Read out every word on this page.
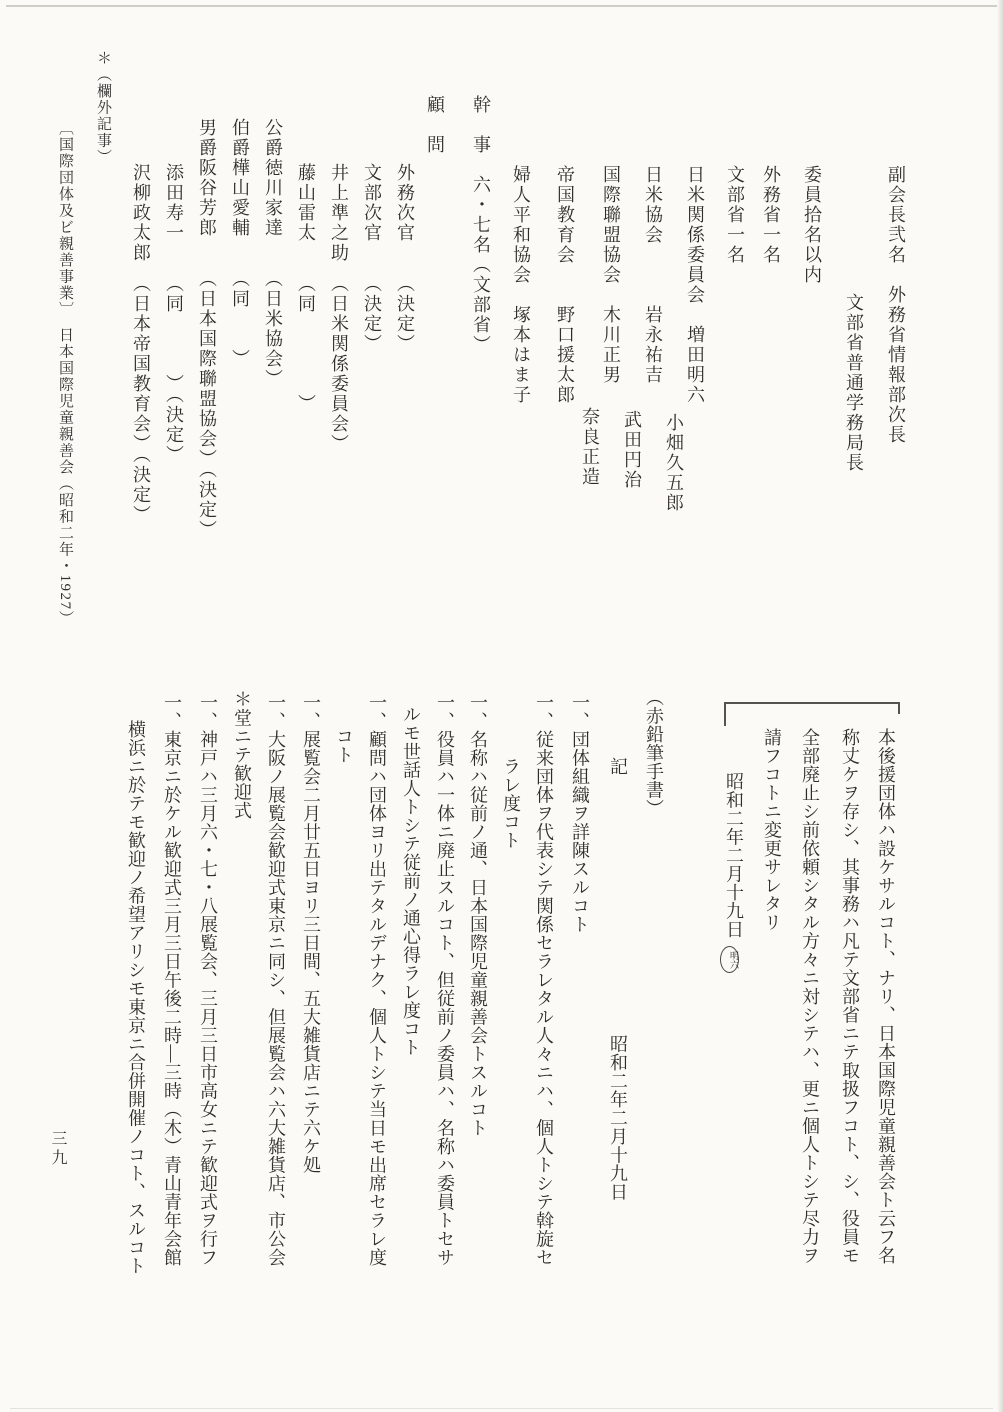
＊（欄外記事）
〔国際団体及ビ親善事業〕　日本国際児童親善会（昭和二年・1927）	副会長弐名　外務省情報部次長
文部省普通学務局長
委員拾名以内
外務省一名
文部省一名
日米関係委員会　増田明六
小畑久五郎
日米協会　　　岩永祐吉
武田円治
国際聯盟協会　木川正男
奈良正造
帝国教育会　　野口援太郎
婦人平和協会　塚本はま子
幹　事　六・七名（文部省）
顧　問
外務次官　　（決定）
文部次官　　（決定）
井上準之助　（日米関係委員会）
藤山雷太　　（同　　　　）
公爵徳川家達　　（日米協会）
伯爵樺山愛輔　　（同　　）
男爵阪谷芳郎　　（日本国際聯盟協会）（決定）
添田寿一　　（同　　　）（決定）
沢柳政太郎　（日本帝国教育会）（決定）
本後援団体ハ設ケサルコト、ナリ、日本国際児童親善会ト云フ名
称丈ケヲ存シ、其事務ハ凡テ文部省ニテ取扱フコト、シ、役員モ
全部廃止シ前依頼シタル方々ニ対シテハ、更ニ個人トシテ尽力ヲ
請フコトニ変更サレタリ
昭和二年二月十九日明六
（赤鉛筆手書）
記　　　　　　　　　　　　　　昭和二年二月十九日
一、団体組織ヲ詳陳スルコト
一、従来団体ヲ代表シテ関係セラレタル人々ニハ、個人トシテ斡旋セ
ラレ度コト
一、名称ハ従前ノ通、日本国際児童親善会トスルコト
一、役員ハ一体ニ廃止スルコト、但従前ノ委員ハ、名称ハ委員トセサ
ルモ世話人トシテ従前ノ通心得ラレ度コト
一、顧問ハ団体ヨリ出テタルデナク、個人トシテ当日モ出席セラレ度
コト
一、展覧会二月廿五日ヨリ三日間、五大雑貨店ニテ六ケ処
一、大阪ノ展覧会歓迎式東京ニ同シ、但展覧会ハ六大雑貨店、市公会
＊堂ニテ歓迎式
一、神戸ハ三月六・七・八展覧会、三月三日市高女ニテ歓迎式ヲ行フ
一、東京ニ於ケル歓迎式三月三日午後二時―三時（木）青山青年会館
横浜ニ於テモ歓迎ノ希望アリシモ東京ニ合併開催ノコト、スルコト
三九
